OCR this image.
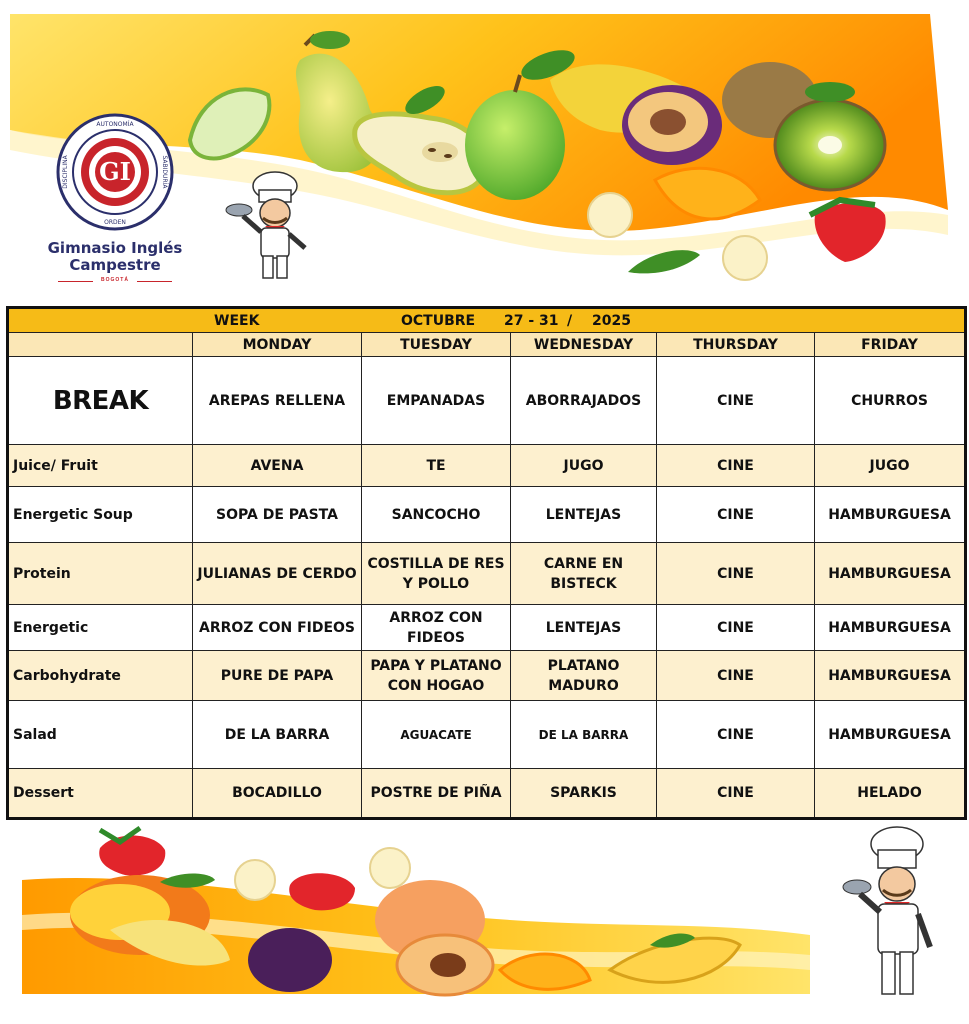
GI
AUTONOMÍA
ORDEN
SABIDURÍA
DISCIPLINA
Gimnasio Inglés
Campestre
BOGOTÁ
WEEK OCTUBRE 27 - 31 / 2025					

	MONDAY	TUESDAY	WEDNESDAY	THURSDAY	FRIDAY
BREAK	AREPAS RELLENA	EMPANADAS	ABORRAJADOS	CINE	CHURROS
Juice/ Fruit	AVENA	TE	JUGO	CINE	JUGO
Energetic Soup	SOPA DE PASTA	SANCOCHO	LENTEJAS	CINE	HAMBURGUESA
Protein	JULIANAS DE CERDO	COSTILLA DE RES Y POLLO	CARNE EN BISTECK	CINE	HAMBURGUESA
Energetic	ARROZ CON FIDEOS	ARROZ CON FIDEOS	LENTEJAS	CINE	HAMBURGUESA
Carbohydrate	PURE DE PAPA	PAPA Y PLATANO CON HOGAO	PLATANO MADURO	CINE	HAMBURGUESA
Salad	DE LA BARRA	AGUACATE	DE LA BARRA	CINE	HAMBURGUESA
Dessert	BOCADILLO	POSTRE DE PIÑA	SPARKIS	CINE	HELADO
